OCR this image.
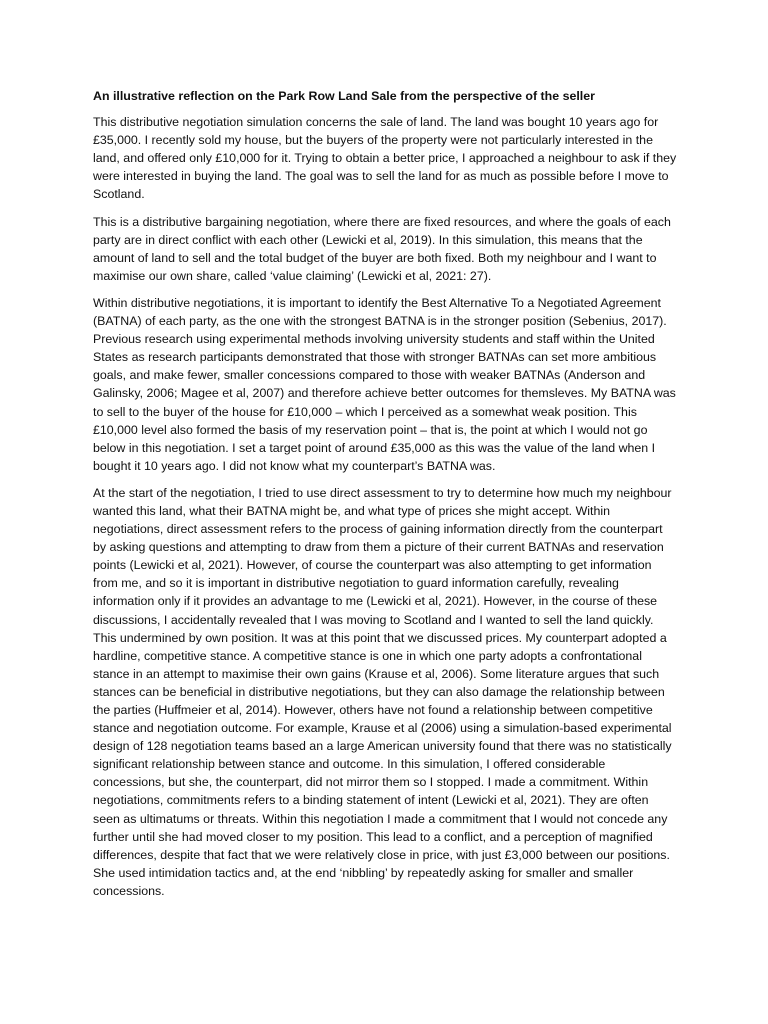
An illustrative reflection on the Park Row Land Sale from the perspective of the seller

This distributive negotiation simulation concerns the sale of land. The land was bought 10 years ago for £35,000. I recently sold my house, but the buyers of the property were not particularly interested in the land, and offered only £10,000 for it. Trying to obtain a better price, I approached a neighbour to ask if they were interested in buying the land. The goal was to sell the land for as much as possible before I move to Scotland.

This is a distributive bargaining negotiation, where there are fixed resources, and where the goals of each party are in direct conflict with each other (Lewicki et al, 2019). In this simulation, this means that the amount of land to sell and the total budget of the buyer are both fixed. Both my neighbour and I want to maximise our own share, called ‘value claiming’ (Lewicki et al, 2021: 27).

Within distributive negotiations, it is important to identify the Best Alternative To a Negotiated Agreement (BATNA) of each party, as the one with the strongest BATNA is in the stronger position (Sebenius, 2017). Previous research using experimental methods involving university students and staff within the United States as research participants demonstrated that those with stronger BATNAs can set more ambitious goals, and make fewer, smaller concessions compared to those with weaker BATNAs (Anderson and Galinsky, 2006; Magee et al, 2007) and therefore achieve better outcomes for themsleves. My BATNA was to sell to the buyer of the house for £10,000 – which I perceived as a somewhat weak position. This £10,000 level also formed the basis of my reservation point – that is, the point at which I would not go below in this negotiation. I set a target point of around £35,000 as this was the value of the land when I bought it 10 years ago. I did not know what my counterpart’s BATNA was.

At the start of the negotiation, I tried to use direct assessment to try to determine how much my neighbour wanted this land, what their BATNA might be, and what type of prices she might accept. Within negotiations, direct assessment refers to the process of gaining information directly from the counterpart by asking questions and attempting to draw from them a picture of their current BATNAs and reservation points (Lewicki et al, 2021). However, of course the counterpart was also attempting to get information from me, and so it is important in distributive negotiation to guard information carefully, revealing information only if it provides an advantage to me (Lewicki et al, 2021). However, in the course of these discussions, I accidentally revealed that I was moving to Scotland and I wanted to sell the land quickly. This undermined by own position. It was at this point that we discussed prices. My counterpart adopted a hardline, competitive stance. A competitive stance is one in which one party adopts a confrontational stance in an attempt to maximise their own gains (Krause et al, 2006). Some literature argues that such stances can be beneficial in distributive negotiations, but they can also damage the relationship between the parties (Huffmeier et al, 2014). However, others have not found a relationship between competitive stance and negotiation outcome. For example, Krause et al (2006) using a simulation-based experimental design of 128 negotiation teams based an a large American university found that there was no statistically significant relationship between stance and outcome. In this simulation, I offered considerable concessions, but she, the counterpart, did not mirror them so I stopped. I made a commitment. Within negotiations, commitments refers to a binding statement of intent (Lewicki et al, 2021). They are often seen as ultimatums or threats. Within this negotiation I made a commitment that I would not concede any further until she had moved closer to my position. This lead to a conflict, and a perception of magnified differences, despite that fact that we were relatively close in price, with just £3,000 between our positions. She used intimidation tactics and, at the end ‘nibbling’ by repeatedly asking for smaller and smaller concessions.
